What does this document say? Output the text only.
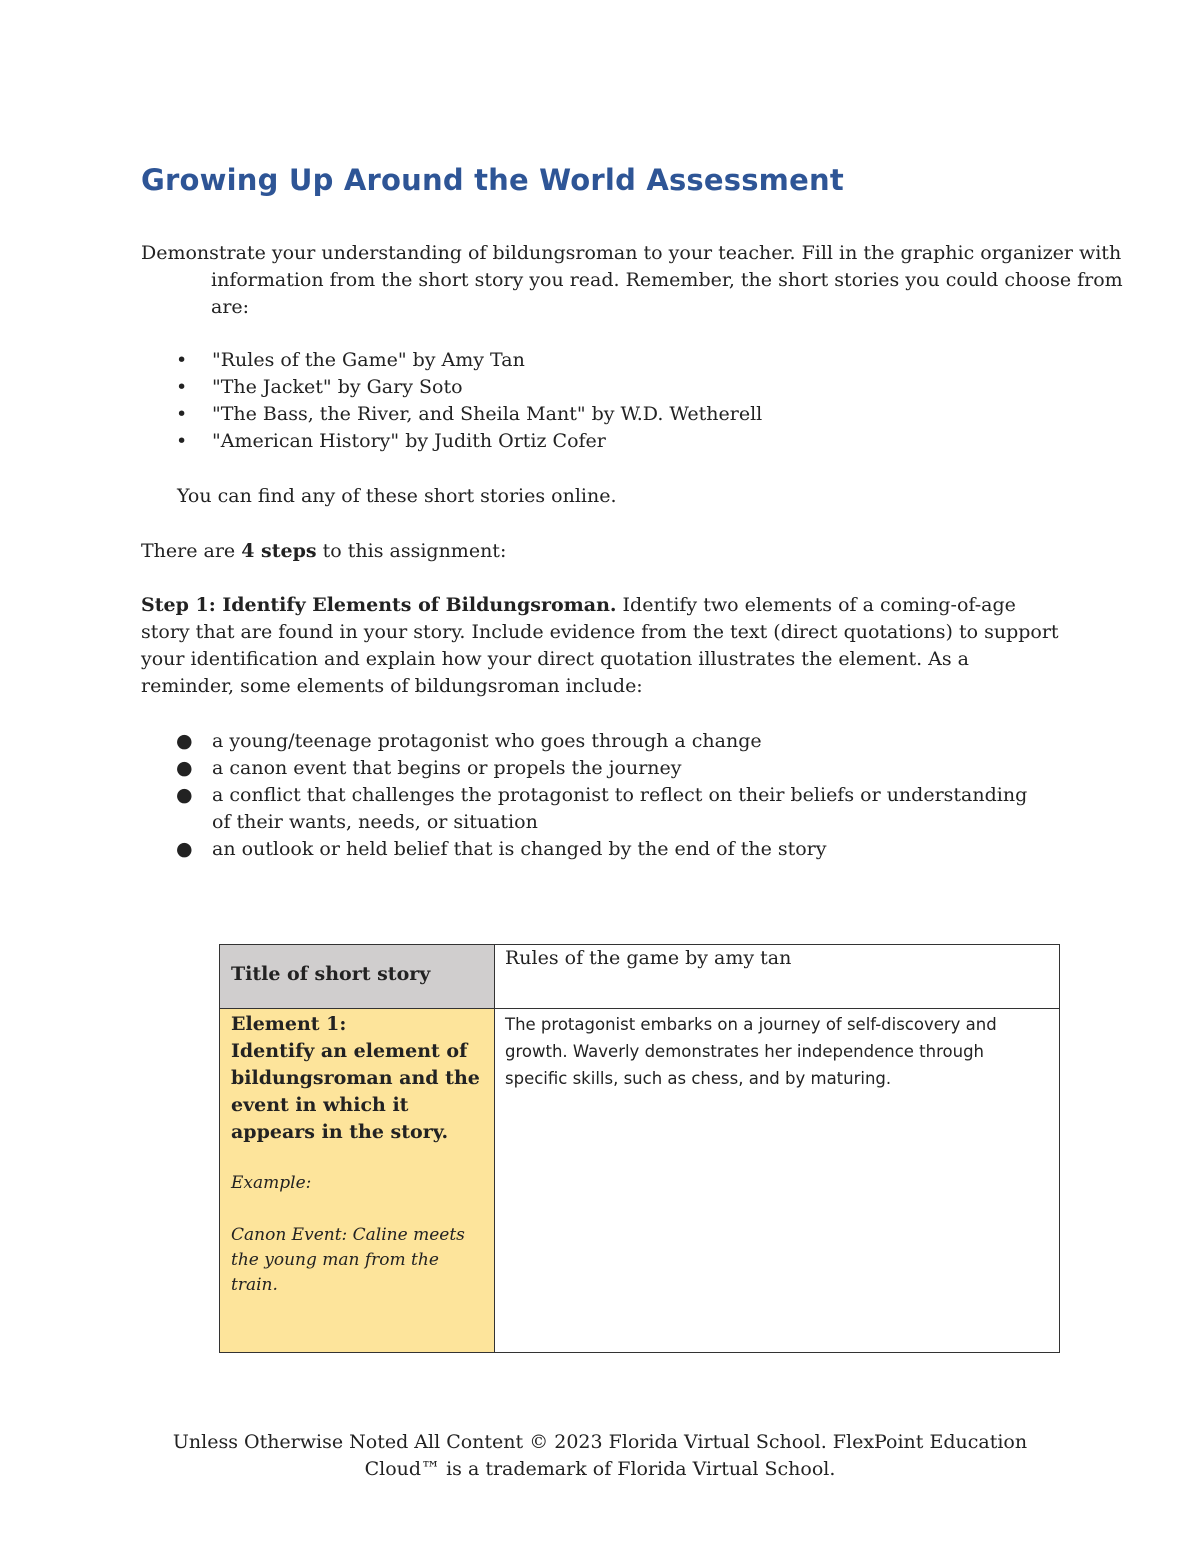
Growing Up Around the World Assessment

Demonstrate your understanding of bildungsroman to your teacher. Fill in the graphic organizer with information from the short story you read. Remember, the short stories you could choose from are:

• "Rules of the Game" by Amy Tan
• "The Jacket" by Gary Soto
• "The Bass, the River, and Sheila Mant" by W.D. Wetherell
• "American History" by Judith Ortiz Cofer

You can find any of these short stories online.

There are 4 steps to this assignment:

Step 1: Identify Elements of Bildungsroman. Identify two elements of a coming-of-age story that are found in your story. Include evidence from the text (direct quotations) to support your identification and explain how your direct quotation illustrates the element. As a reminder, some elements of bildungsroman include:

● a young/teenage protagonist who goes through a change
● a canon event that begins or propels the journey
● a conflict that challenges the protagonist to reflect on their beliefs or understanding of their wants, needs, or situation
● an outlook or held belief that is changed by the end of the story
Title of short story	Rules of the game by amy tan

Element 1:
Identify an element of bildungsroman and the event in which it appears in the story.
Example:
Canon Event: Caline meets the young man from the train.	The protagonist embarks on a journey of self-discovery and growth. Waverly demonstrates her independence through specific skills, such as chess, and by maturing.
Unless Otherwise Noted All Content © 2023 Florida Virtual School. FlexPoint Education
Cloud™ is a trademark of Florida Virtual School.
